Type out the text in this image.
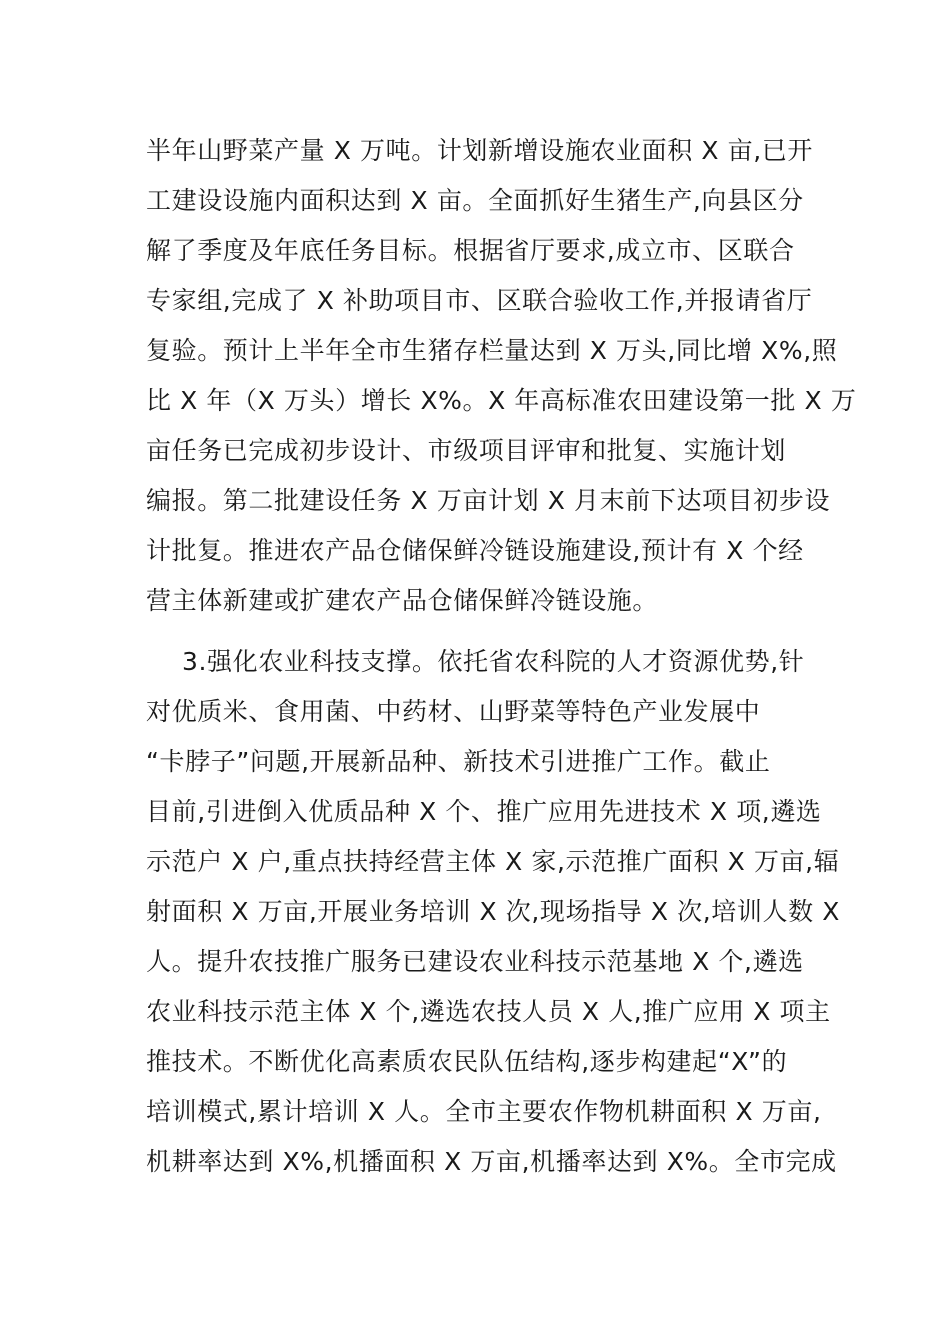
半年山野菜产量 X 万吨。计划新增设施农业面积 X 亩,已开
工建设设施内面积达到 X 亩。全面抓好生猪生产,向县区分
解了季度及年底任务目标。根据省厅要求,成立市、区联合
专家组,完成了 X 补助项目市、区联合验收工作,并报请省厅
复验。预计上半年全市生猪存栏量达到 X 万头,同比增 X%,照
比 X 年（X 万头）增长 X%。X 年高标准农田建设第一批 X 万
亩任务已完成初步设计、市级项目评审和批复、实施计划
编报。第二批建设任务 X 万亩计划 X 月末前下达项目初步设
计批复。推进农产品仓储保鲜冷链设施建设,预计有 X 个经
营主体新建或扩建农产品仓储保鲜冷链设施。
3.强化农业科技支撑。依托省农科院的人才资源优势,针
对优质米、食用菌、中药材、山野菜等特色产业发展中
“卡脖子”问题,开展新品种、新技术引进推广工作。截止
目前,引进倒入优质品种 X 个、推广应用先进技术 X 项,遴选
示范户 X 户,重点扶持经营主体 X 家,示范推广面积 X 万亩,辐
射面积 X 万亩,开展业务培训 X 次,现场指导 X 次,培训人数 X
人。提升农技推广服务已建设农业科技示范基地 X 个,遴选
农业科技示范主体 X 个,遴选农技人员 X 人,推广应用 X 项主
推技术。不断优化高素质农民队伍结构,逐步构建起“X”的
培训模式,累计培训 X 人。全市主要农作物机耕面积 X 万亩,
机耕率达到 X%,机播面积 X 万亩,机播率达到 X%。全市完成
